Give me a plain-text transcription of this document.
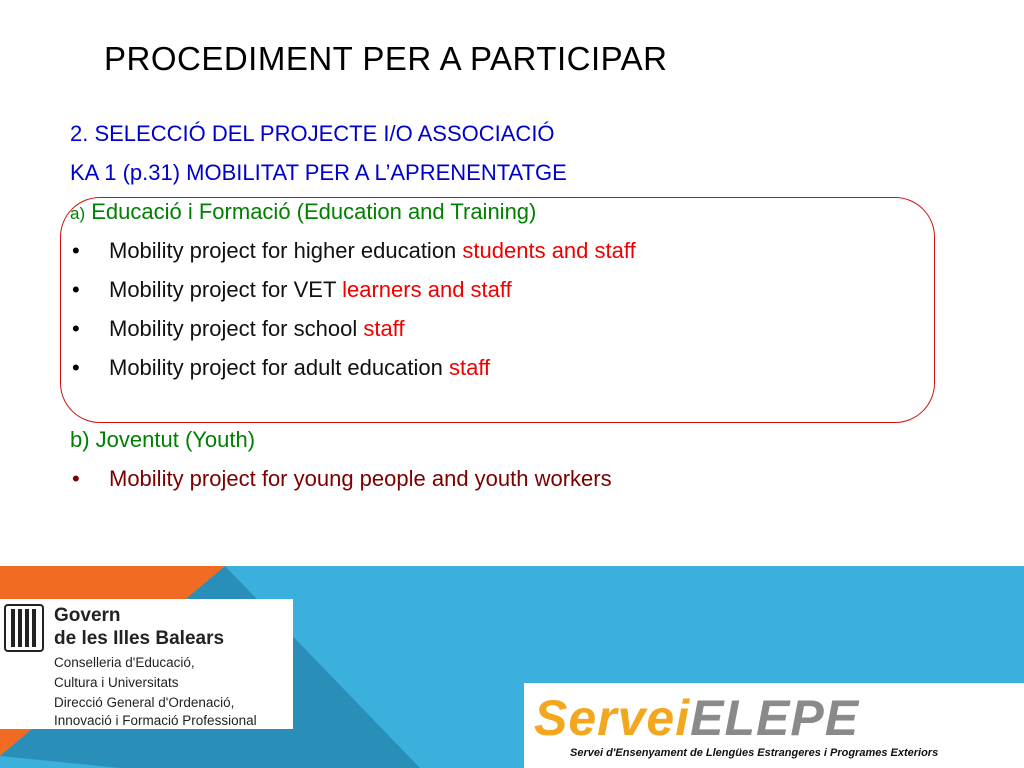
PROCEDIMENT PER A PARTICIPAR
2. SELECCIÓ DEL PROJECTE I/O ASSOCIACIÓ
KA 1 (p.31) MOBILITAT PER A L’APRENENTATGE
a) Educació i Formació (Education and Training)
• Mobility project for higher education students and staff
• Mobility project for VET learners and staff
• Mobility project for school staff
• Mobility project for adult education staff
b) Joventut (Youth)
• Mobility project for young people and youth workers
Govern
de les Illes Balears
Conselleria d'Educació,
Cultura i Universitats
Direcció General d'Ordenació,
Innovació i Formació Professional	ServeiELEPE
Servei d'Ensenyament de Llengües Estrangeres i Programes Exteriors
